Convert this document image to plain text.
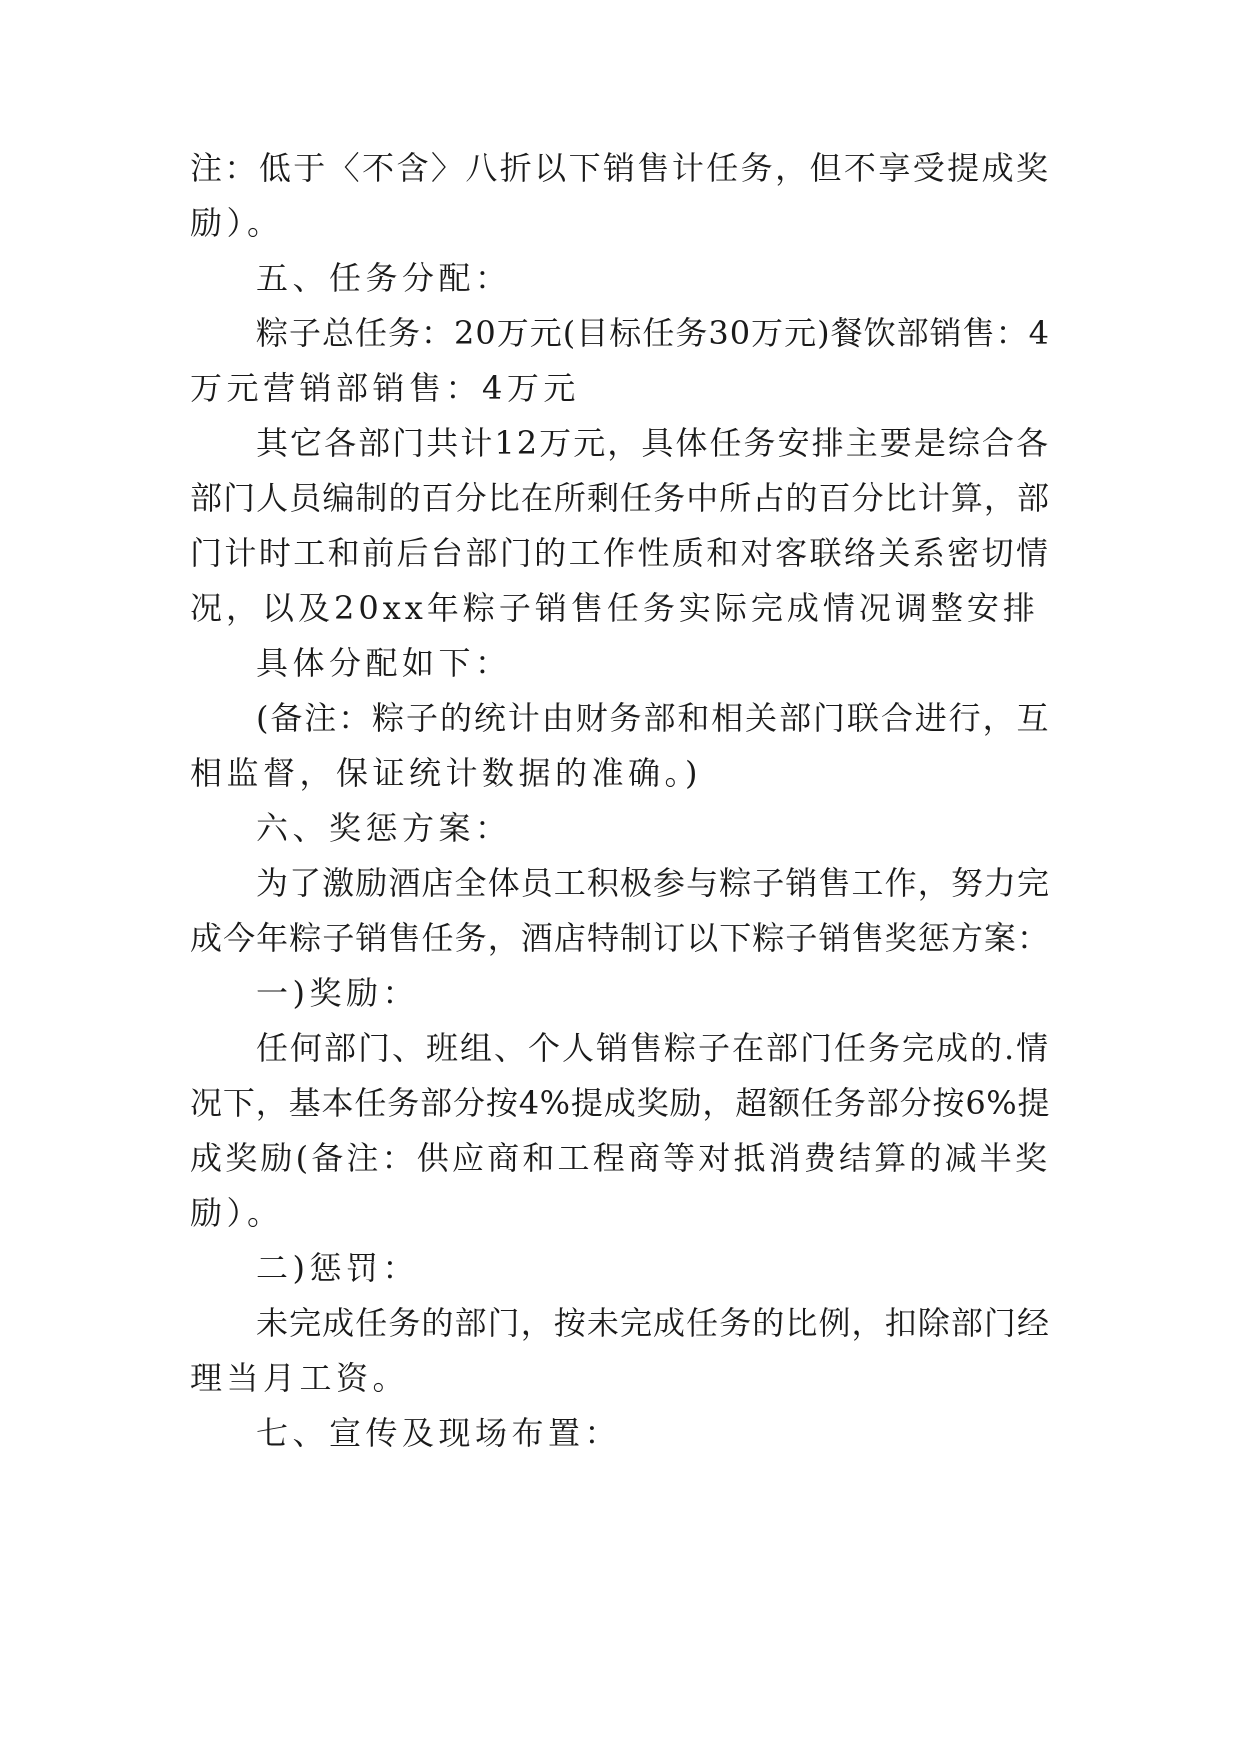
注：低于〈不含〉八折以下销售计任务，但不享受提成奖
励）。
五、任务分配：
粽子总任务：20万元(目标任务30万元)餐饮部销售：4
万元营销部销售：4万元
其它各部门共计12万元，具体任务安排主要是综合各
部门人员编制的百分比在所剩任务中所占的百分比计算，部
门计时工和前后台部门的工作性质和对客联络关系密切情
况，以及20xx年粽子销售任务实际完成情况调整安排
具体分配如下：
(备注：粽子的统计由财务部和相关部门联合进行，互
相监督，保证统计数据的准确。)
六、奖惩方案：
为了激励酒店全体员工积极参与粽子销售工作，努力完
成今年粽子销售任务，酒店特制订以下粽子销售奖惩方案：
一)奖励：
任何部门、班组、个人销售粽子在部门任务完成的.情
况下，基本任务部分按4%提成奖励，超额任务部分按6%提
成奖励(备注：供应商和工程商等对抵消费结算的减半奖
励）。
二)惩罚：
未完成任务的部门，按未完成任务的比例，扣除部门经
理当月工资。
七、宣传及现场布置：
